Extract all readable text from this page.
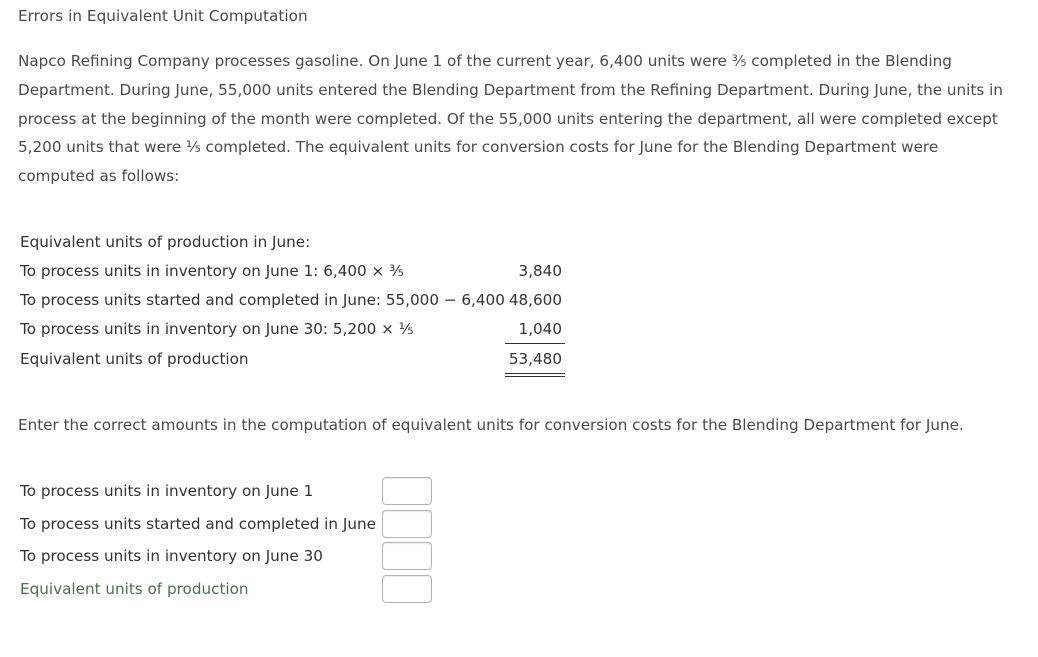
Errors in Equivalent Unit Computation

Napco Refining Company processes gasoline. On June 1 of the current year, 6,400 units were ³⁄₅ completed in the Blending Department. During June, 55,000 units entered the Blending Department from the Refining Department. During June, the units in process at the beginning of the month were completed. Of the 55,000 units entering the department, all were completed except 5,200 units that were ¹⁄₅ completed. The equivalent units for conversion costs for June for the Blending Department were computed as follows:

Equivalent units of production in June:	
To process units in inventory on June 1: 6,400 × ³⁄₅	3,840
To process units started and completed in June: 55,000 − 6,400	48,600
To process units in inventory on June 30: 5,200 × ¹⁄₅	1,040
Equivalent units of production	53,480

Enter the correct amounts in the computation of equivalent units for conversion costs for the Blending Department for June.

To process units in inventory on June 1	

To process units started and completed in June	

To process units in inventory on June 30	

Equivalent units of production	
